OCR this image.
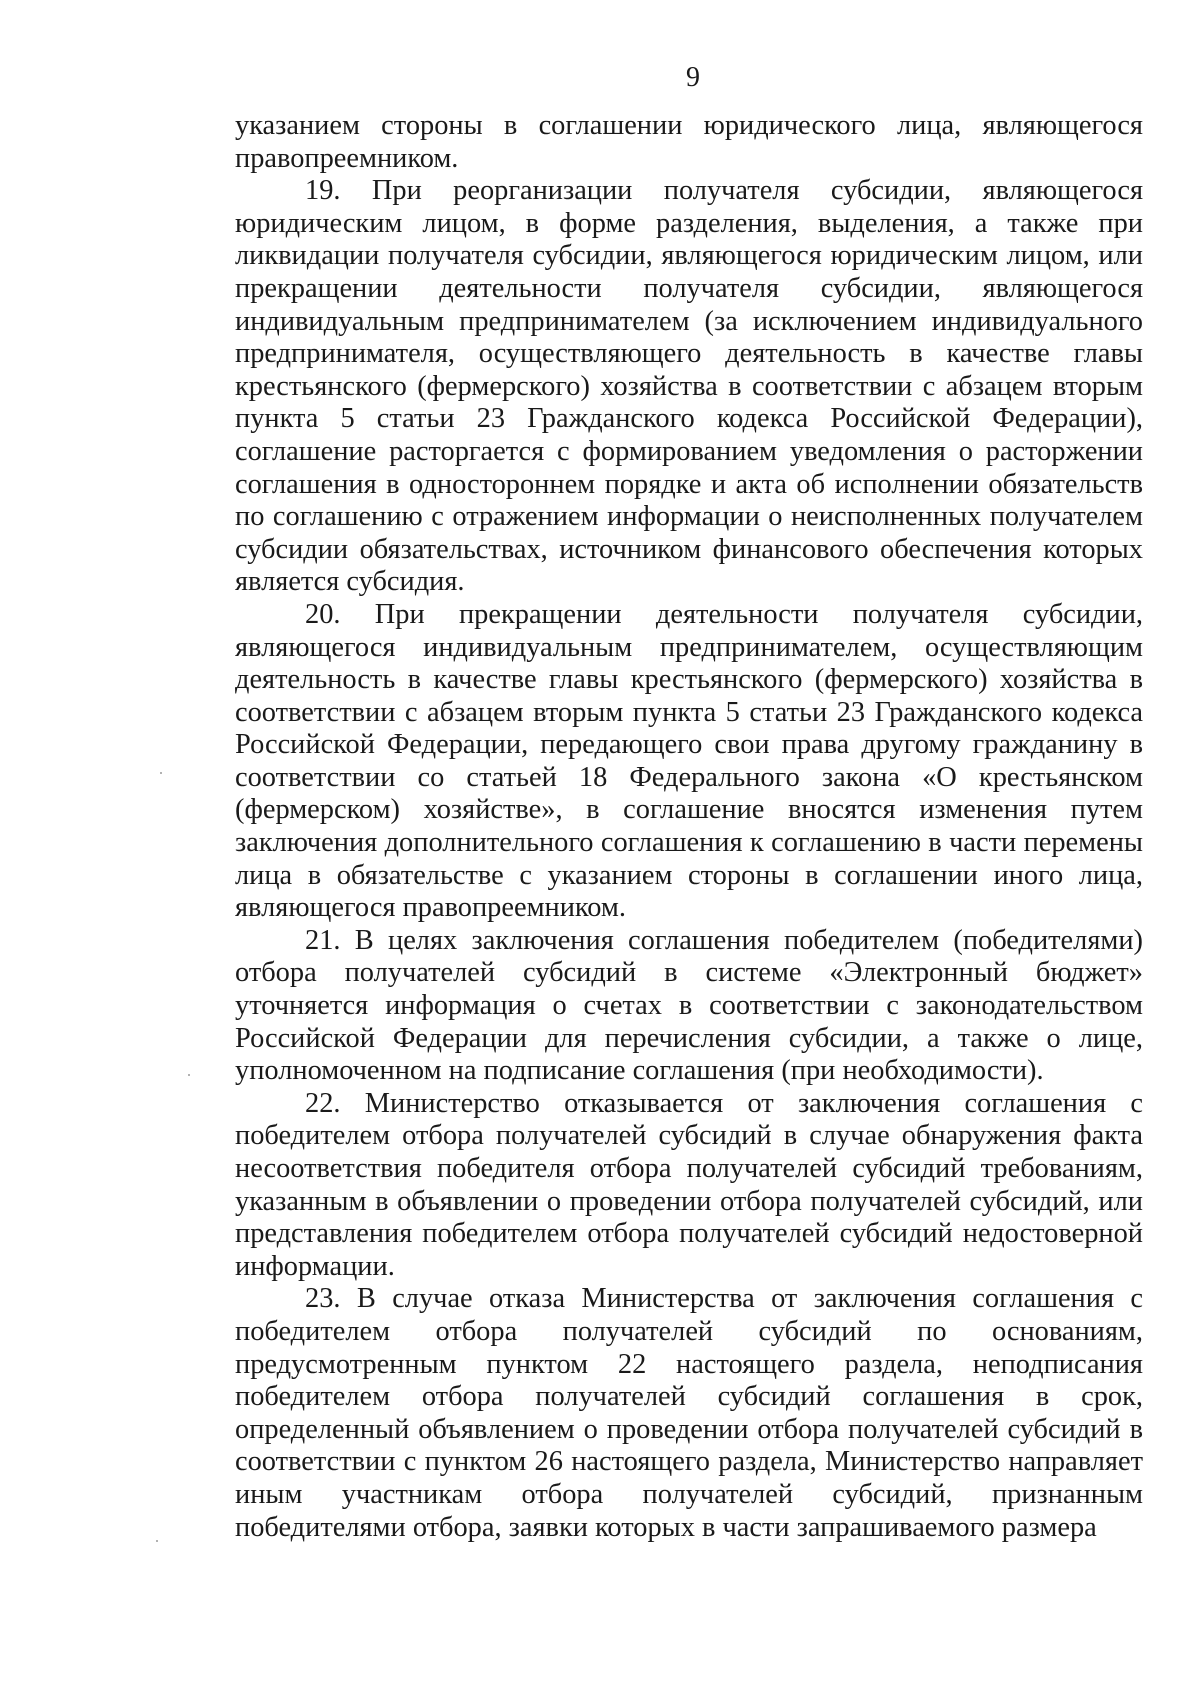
9

указанием стороны в соглашении юридического лица, являющегося правопреемником.

19. При реорганизации получателя субсидии, являющегося юридическим лицом, в форме разделения, выделения, а также при ликвидации получателя субсидии, являющегося юридическим лицом, или прекращении деятельности получателя субсидии, являющегося индивидуальным предпринимателем (за исключением индивидуального предпринимателя, осуществляющего деятельность в качестве главы крестьянского (фермерского) хозяйства в соответствии с абзацем вторым пункта 5 статьи 23 Гражданского кодекса Российской Федерации), соглашение расторгается с формированием уведомления о расторжении соглашения в одностороннем порядке и акта об исполнении обязательств по соглашению с отражением информации о неисполненных получателем субсидии обязательствах, источником финансового обеспечения которых является субсидия.

20. При прекращении деятельности получателя субсидии, являющегося индивидуальным предпринимателем, осуществляющим деятельность в качестве главы крестьянского (фермерского) хозяйства в соответствии с абзацем вторым пункта 5 статьи 23 Гражданского кодекса Российской Федерации, передающего свои права другому гражданину в соответствии со статьей 18 Федерального закона «О крестьянском (фермерском) хозяйстве», в соглашение вносятся изменения путем заключения дополнительного соглашения к соглашению в части перемены лица в обязательстве с указанием стороны в соглашении иного лица, являющегося правопреемником.

21. В целях заключения соглашения победителем (победителями) отбора получателей субсидий в системе «Электронный бюджет» уточняется информация о счетах в соответствии с законодательством Российской Федерации для перечисления субсидии, а также о лице, уполномоченном на подписание соглашения (при необходимости).

22. Министерство отказывается от заключения соглашения с победителем отбора получателей субсидий в случае обнаружения факта несоответствия победителя отбора получателей субсидий требованиям, указанным в объявлении о проведении отбора получателей субсидий, или представления победителем отбора получателей субсидий недостоверной информации.

23. В случае отказа Министерства от заключения соглашения с победителем отбора получателей субсидий по основаниям, предусмотренным пунктом 22 настоящего раздела, неподписания победителем отбора получателей субсидий соглашения в срок, определенный объявлением о проведении отбора получателей субсидий в соответствии с пунктом 26 настоящего раздела, Министерство направляет иным участникам отбора получателей субсидий, признанным победителями отбора, заявки которых в части запрашиваемого размера
